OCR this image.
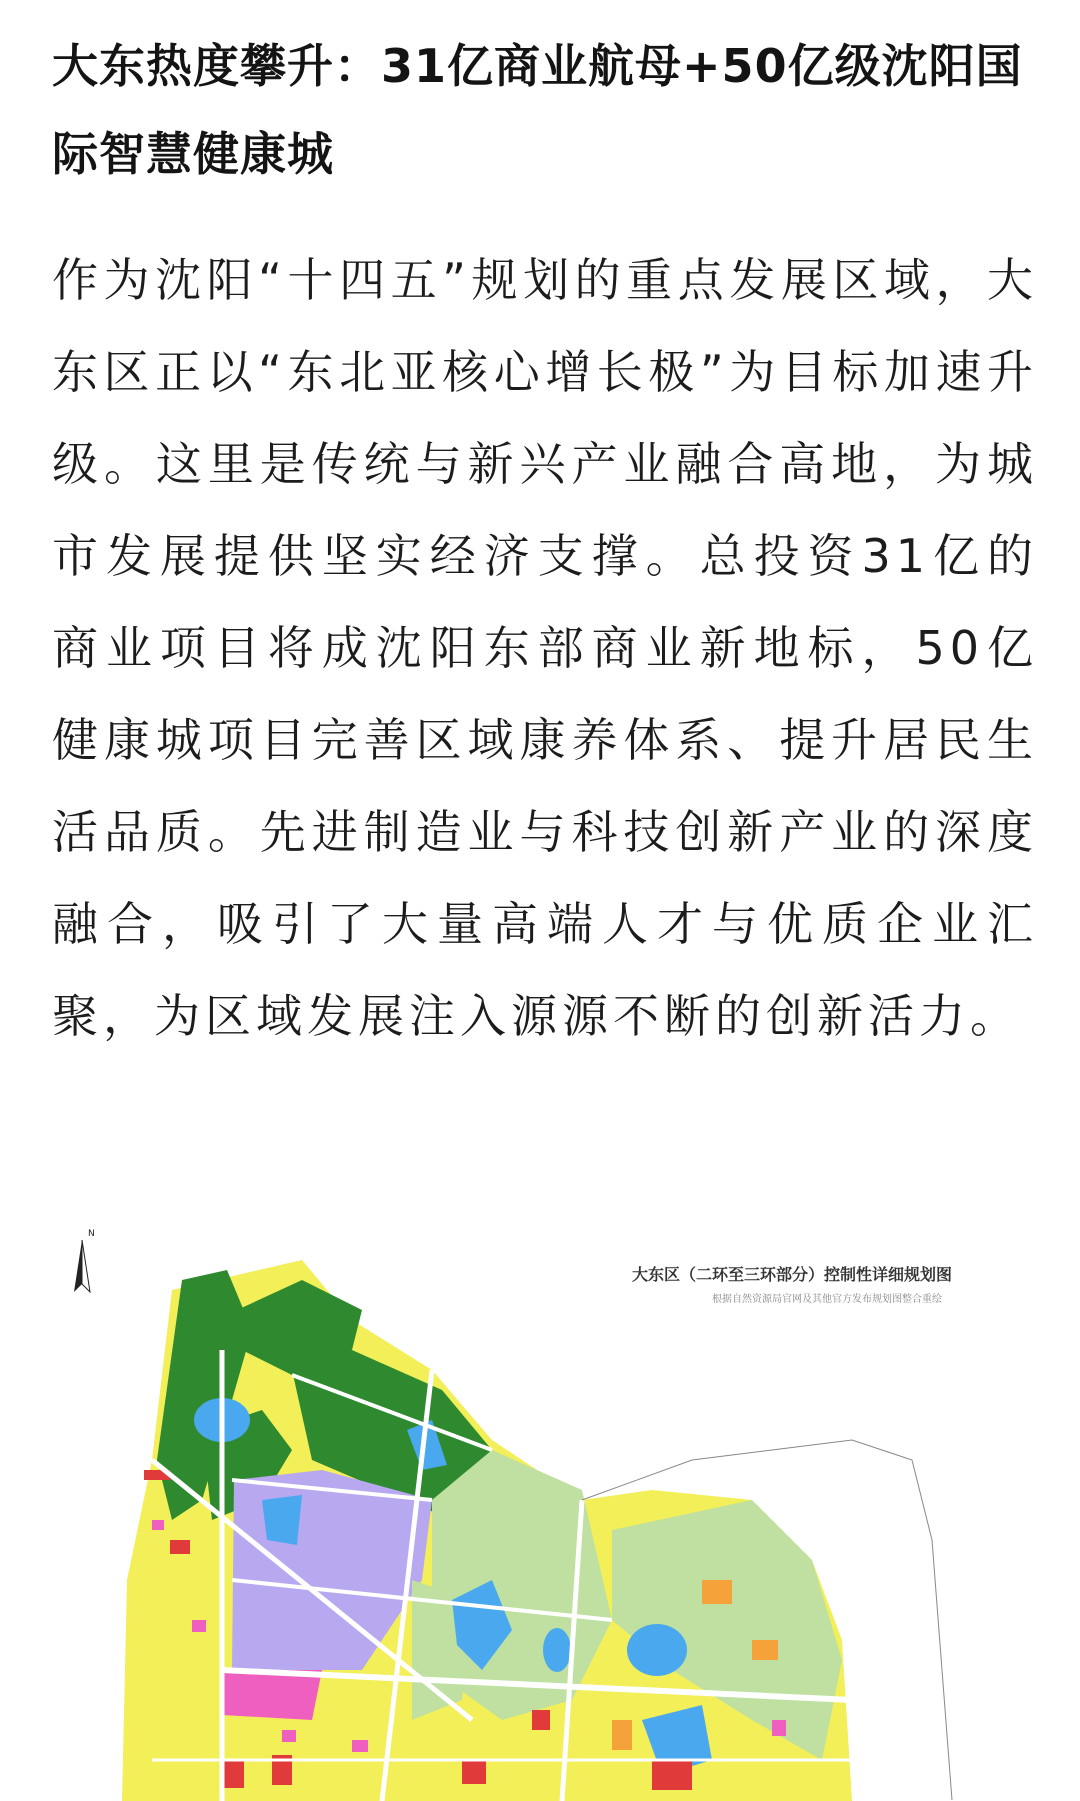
大东热度攀升：31亿商业航母+50亿级沈阳国际智慧健康城

作为沈阳“十四五”规划的重点发展区域，大东区正以“东北亚核心增长极”为目标加速升级。这里是传统与新兴产业融合高地，为城市发展提供坚实经济支撑。总投资31亿的商业项目将成沈阳东部商业新地标，50亿健康城项目完善区域康养体系、提升居民生活品质。先进制造业与科技创新产业的深度融合，吸引了大量高端人才与优质企业汇聚，为区域发展注入源源不断的创新活力。

N
大东区（二环至三环部分）控制性详细规划图
根据自然资源局官网及其他官方发布规划图整合重绘
